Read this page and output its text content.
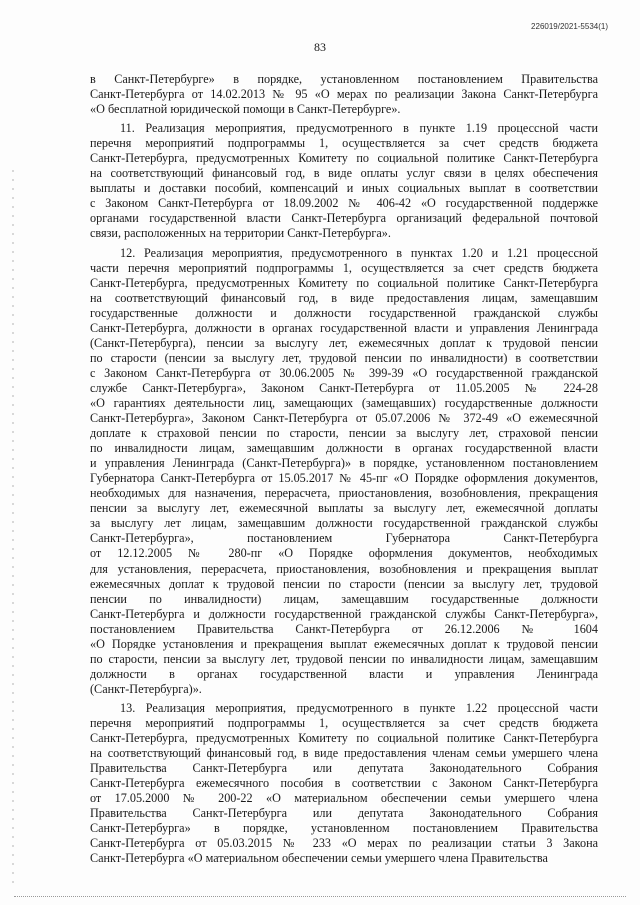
226019/2021-5534(1)
83
в Санкт-Петербурге» в порядке, установленном постановлением Правительства
Санкт-Петербурга от 14.02.2013 № 95 «О мерах по реализации Закона Санкт-Петербурга
«О бесплатной юридической помощи в Санкт-Петербурге».
11. Реализация мероприятия, предусмотренного в пункте 1.19 процессной части
перечня мероприятий подпрограммы 1, осуществляется за счет средств бюджета
Санкт-Петербурга, предусмотренных Комитету по социальной политике Санкт-Петербурга
на соответствующий финансовый год, в виде оплаты услуг связи в целях обеспечения
выплаты и доставки пособий, компенсаций и иных социальных выплат в соответствии
с Законом Санкт-Петербурга от 18.09.2002 № 406-42 «О государственной поддержке
органами государственной власти Санкт-Петербурга организаций федеральной почтовой
связи, расположенных на территории Санкт-Петербурга».
12. Реализация мероприятия, предусмотренного в пунктах 1.20 и 1.21 процессной
части перечня мероприятий подпрограммы 1, осуществляется за счет средств бюджета
Санкт-Петербурга, предусмотренных Комитету по социальной политике Санкт-Петербурга
на соответствующий финансовый год, в виде предоставления лицам, замещавшим
государственные должности и должности государственной гражданской службы
Санкт-Петербурга, должности в органах государственной власти и управления Ленинграда
(Санкт-Петербурга), пенсии за выслугу лет, ежемесячных доплат к трудовой пенсии
по старости (пенсии за выслугу лет, трудовой пенсии по инвалидности) в соответствии
с Законом Санкт-Петербурга от 30.06.2005 № 399-39 «О государственной гражданской
службе Санкт-Петербурга», Законом Санкт-Петербурга от 11.05.2005 № 224-28
«О гарантиях деятельности лиц, замещающих (замещавших) государственные должности
Санкт-Петербурга», Законом Санкт-Петербурга от 05.07.2006 № 372-49 «О ежемесячной
доплате к страховой пенсии по старости, пенсии за выслугу лет, страховой пенсии
по инвалидности лицам, замещавшим должности в органах государственной власти
и управления Ленинграда (Санкт-Петербурга)» в порядке, установленном постановлением
Губернатора Санкт-Петербурга от 15.05.2017 № 45-пг «О Порядке оформления документов,
необходимых для назначения, перерасчета, приостановления, возобновления, прекращения
пенсии за выслугу лет, ежемесячной выплаты за выслугу лет, ежемесячной доплаты
за выслугу лет лицам, замещавшим должности государственной гражданской службы
Санкт-Петербурга», постановлением Губернатора Санкт-Петербурга
от 12.12.2005 № 280-пг «О Порядке оформления документов, необходимых
для установления, перерасчета, приостановления, возобновления и прекращения выплат
ежемесячных доплат к трудовой пенсии по старости (пенсии за выслугу лет, трудовой
пенсии по инвалидности) лицам, замещавшим государственные должности
Санкт-Петербурга и должности государственной гражданской службы Санкт-Петербурга»,
постановлением Правительства Санкт-Петербурга от 26.12.2006 № 1604
«О Порядке установления и прекращения выплат ежемесячных доплат к трудовой пенсии
по старости, пенсии за выслугу лет, трудовой пенсии по инвалидности лицам, замещавшим
должности в органах государственной власти и управления Ленинграда
(Санкт-Петербурга)».
13. Реализация мероприятия, предусмотренного в пункте 1.22 процессной части
перечня мероприятий подпрограммы 1, осуществляется за счет средств бюджета
Санкт-Петербурга, предусмотренных Комитету по социальной политике Санкт-Петербурга
на соответствующий финансовый год, в виде предоставления членам семьи умершего члена
Правительства Санкт-Петербурга или депутата Законодательного Собрания
Санкт-Петербурга ежемесячного пособия в соответствии с Законом Санкт-Петербурга
от 17.05.2000 № 200-22 «О материальном обеспечении семьи умершего члена
Правительства Санкт-Петербурга или депутата Законодательного Собрания
Санкт-Петербурга» в порядке, установленном постановлением Правительства
Санкт-Петербурга от 05.03.2015 № 233 «О мерах по реализации статьи 3 Закона
Санкт-Петербурга «О материальном обеспечении семьи умершего члена Правительства
